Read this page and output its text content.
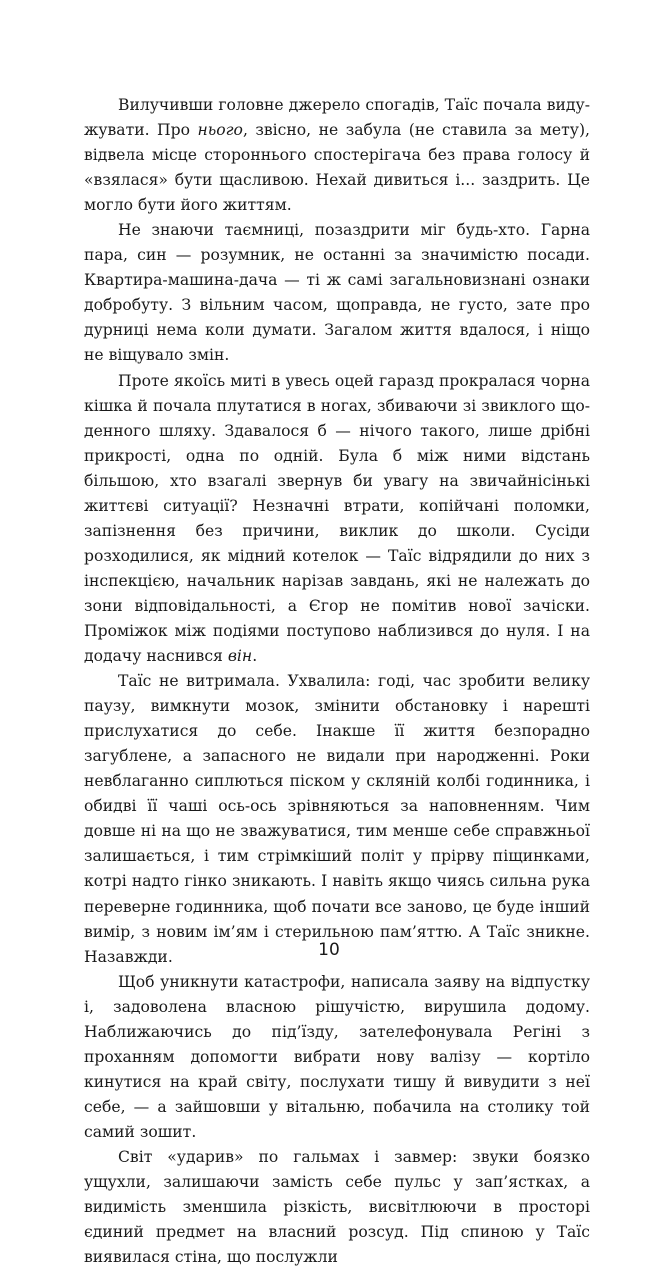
Вилучивши головне джерело спогадів, Таїс почала видужувати. Про нього, звісно, не забула (не ставила за мету), відвела місце стороннього спостерігача без права голосу й «взялася» бути щасливою. Нехай дивиться і... заздрить. Це могло бути його життям.

Не знаючи таємниці, позаздрити міг будь-хто. Гарна пара, син — розумник, не останні за значимістю посади. Квартира-машина-дача — ті ж самі загальновизнані ознаки добробуту. З вільним часом, щоправда, не густо, зате про дурниці нема коли думати. Загалом життя вдалося, і ніщо не віщувало змін.

Проте якоїсь миті в увесь оцей гаразд прокралася чорна кішка й почала плутатися в ногах, збиваючи зі звиклого щоденного шляху. Здавалося б — нічого такого, лише дрібні прикрості, одна по одній. Була б між ними відстань більшою, хто взагалі звернув би увагу на звичайнісінькі життєві ситуації? Незначні втрати, копійчані поломки, запізнення без причини, виклик до школи. Сусіди розходилися, як мідний котелок — Таїс відрядили до них з інспекцією, начальник нарізав завдань, які не належать до зони відповідальності, а Єгор не помітив нової зачіски. Проміжок між подіями поступово наблизився до нуля. І на додачу наснився він.

Таїс не витримала. Ухвалила: годі, час зробити велику паузу, вимкнути мозок, змінити обстановку і нарешті прислухатися до себе. Інакше її життя безпорадно загублене, а запасного не видали при народженні. Роки невблаганно сиплються піском у скляній колбі годинника, і обидві її чаші ось-ось зрівняються за наповненням. Чим довше ні на що не зважуватися, тим менше себе справжньої залишається, і тим стрімкіший політ у прірву піщинками, котрі надто гінко зникають. І навіть якщо чиясь сильна рука переверне годинника, щоб почати все заново, це буде інший вимір, з новим ім’ям і стерильною пам’яттю. А Таїс зникне. Назавжди.

Щоб уникнути катастрофи, написала заяву на відпустку і, задоволена власною рішучістю, вирушила додому. Наближаючись до під’їзду, зателефонувала Регіні з проханням допомогти вибрати нову валізу — кортіло кинутися на край світу, послухати тишу й вивудити з неї себе, — а зайшовши у вітальню, побачила на столику той самий зошит.

Світ «ударив» по гальмах і завмер: звуки боязко ущухли, залишаючи замість себе пульс у зап’ястках, а видимість зменшила різкість, висвітлюючи в просторі єдиний предмет на власний розсуд. Під спиною у Таїс виявилася стіна, що послужли

10
